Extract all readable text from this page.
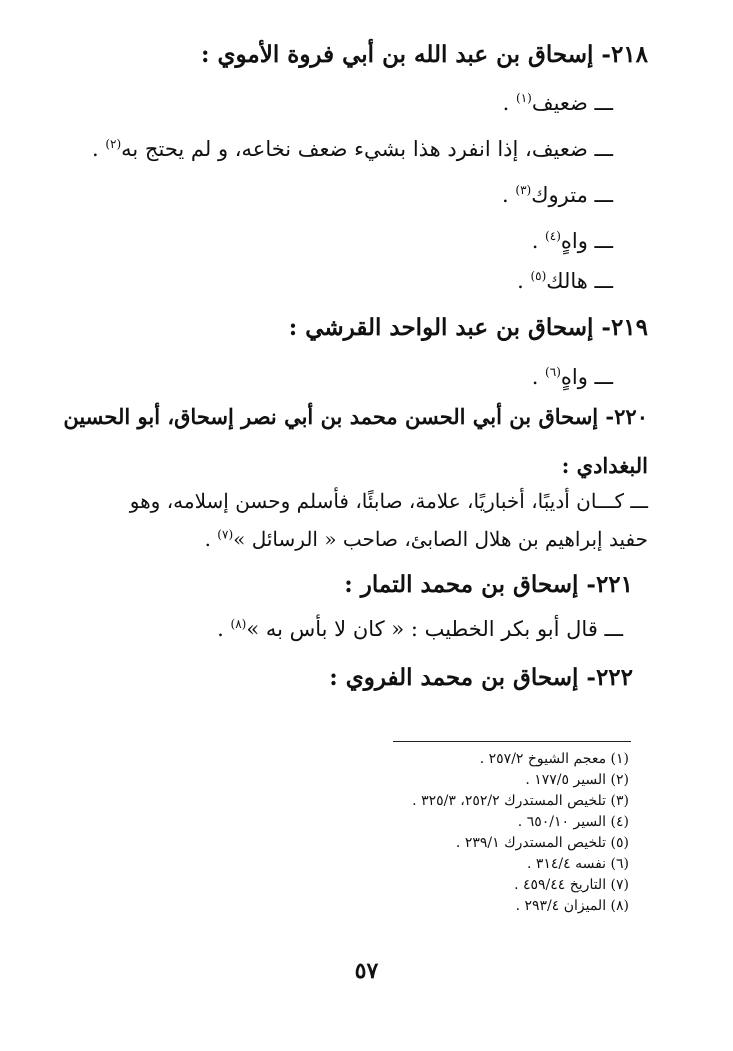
٢١٨- إسحاق بن عبد الله بن أبي فروة الأموي :
ـــ ضعيف$^{(١)}$ .
ـــ ضعيف، إذا انفرد هذا بشيء ضعف نخاعه، و لم يحتج به$^{(٢)}$ .
ـــ متروك$^{(٣)}$ .
ـــ واهٍ$^{(٤)}$ .
ـــ هالك$^{(٥)}$ .
٢١٩- إسحاق بن عبد الواحد القرشي :
ـــ واهٍ$^{(٦)}$ .
٢٢٠- إسحاق بن أبي الحسن محمد بن أبي نصر إسحاق، أبو الحسين
البغدادي :
ـــ كـــان أديبًا، أخباريًا، علامة، صابئًا، فأسلم وحسن إسلامه، وهو
حفيد إبراهيم بن هلال الصابئ، صاحب « الرسائل »$^{(٧)}$ .
٢٢١- إسحاق بن محمد التمار :
ـــ قال أبو بكر الخطيب : « كان لا بأس به »$^{(٨)}$ .
٢٢٢- إسحاق بن محمد الفروي :
(١) معجم الشيوخ ٢٥٧/٢ .
(٢) السير ١٧٧/٥ .
(٣) تلخيص المستدرك ٢٥٢/٢، ٣٢٥/٣ .
(٤) السير ٦٥٠/١٠ .
(٥) تلخيص المستدرك ٢٣٩/١ .
(٦) نفسه ٣١٤/٤ .
(٧) التاريخ ٤٥٩/٤٤ .
(٨) الميزان ٢٩٣/٤ .
٥٧
